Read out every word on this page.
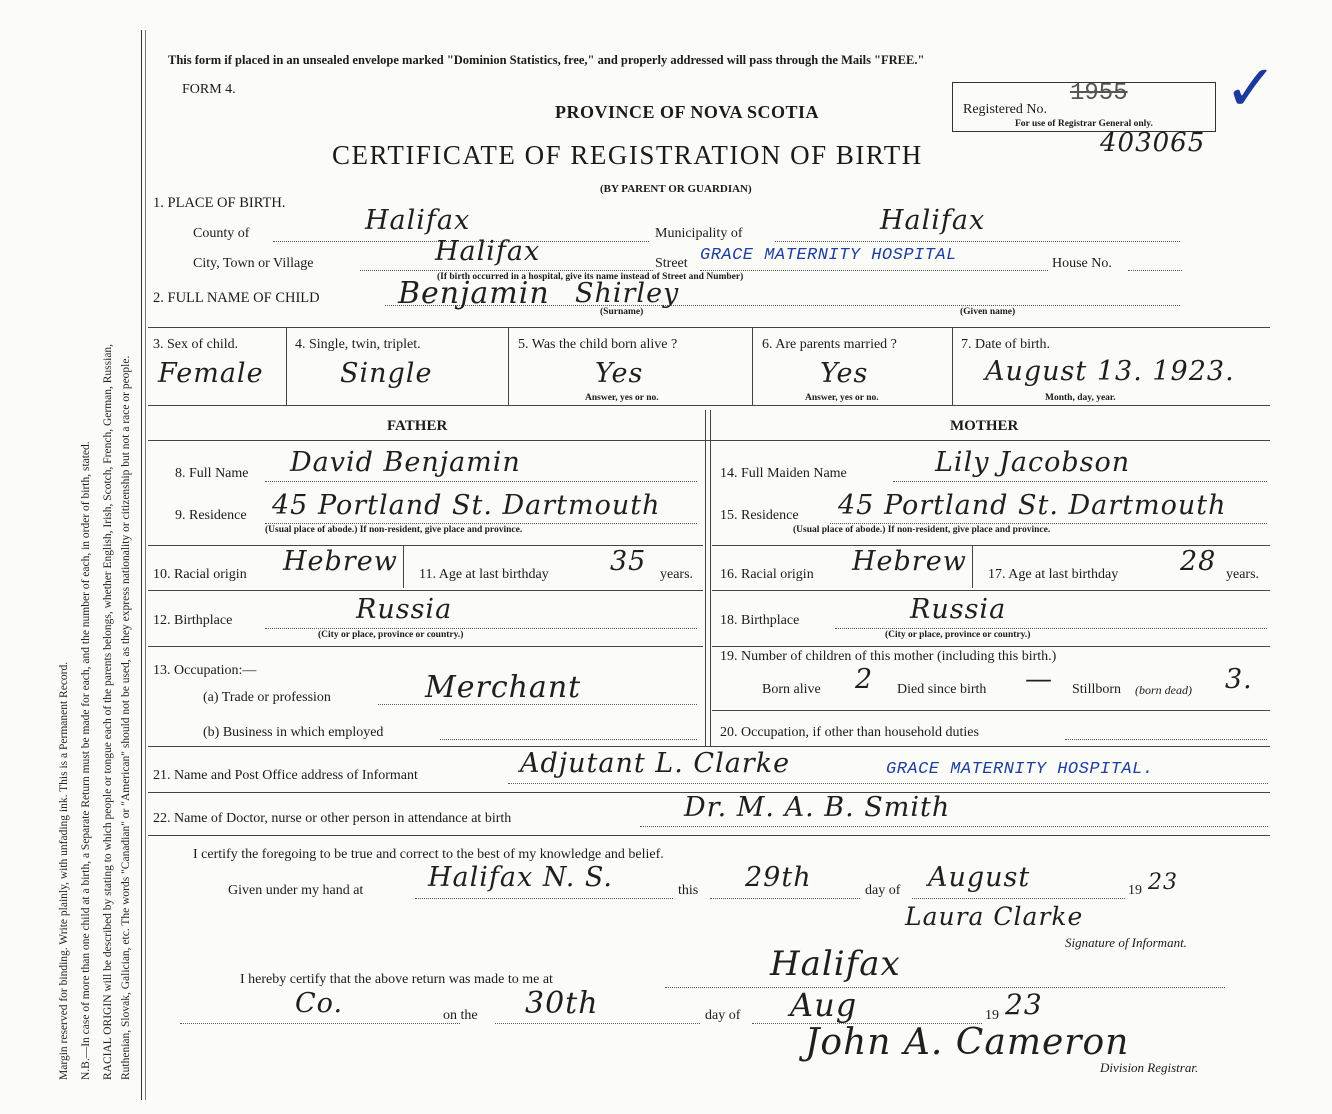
Margin reserved for binding. Write plainly, with unfading ink. This is a Permanent Record. N.B.—In case of more than one child at a birth, a Separate Return must be made for each, and the number of each, in order of birth, stated. RACIAL ORIGIN will be described by stating to which people or tongue each of the parents belongs, whether English, Irish, Scotch, French, German, Russian, Ruthenian, Slovak, Galician, etc. The words "Canadian" or "American" should not be used, as they express nationality or citizenship but not a race or people.
This form if placed in an unsealed envelope marked "Dominion Statistics, free," and properly addressed will pass through the Mails "FREE."
FORM 4.
PROVINCE OF NOVA SCOTIA	Registered No.
1955
For use of Registrar General only. ✓
403065
CERTIFICATE OF REGISTRATION OF BIRTH
(BY PARENT OR GUARDIAN)
1. PLACE OF BIRTH.
County of	Halifax	Municipality of	Halifax
City, Town or Village	Halifax	Street GRACE MATERNITY HOSPITAL	House No.
(If birth occurred in a hospital, give its name instead of Street and Number)
2. FULL NAME OF CHILD	Benjamin Shirley
(Surname)	(Given name)
3. Sex of child.
Female
4. Single, twin, triplet.
Single
5. Was the child born alive ?
Yes
Answer, yes or no.
6. Are parents married ?
Yes
Answer, yes or no.
7. Date of birth.
August 13. 1923.
Month, day, year.
FATHER	MOTHER
8. Full Name David Benjamin
9. Residence 45 Portland St. Dartmouth
(Usual place of abode.) If non-resident, give place and province.
10. Racial origin Hebrew 11. Age at last birthday 35 years.
12. Birthplace	Russia
(City or place, province or country.)
13. Occupation:—
(a) Trade or profession	Merchant
(b) Business in which employed
14. Full Maiden Name	Lily Jacobson
15. Residence 45 Portland St. Dartmouth
(Usual place of abode.) If non-resident, give place and province.
16. Racial origin Hebrew 17. Age at last birthday 28 years.
18. Birthplace	Russia
(City or place, province or country.)
19. Number of children of this mother (including this birth.)
Born alive 2 Died since birth — Stillborn (born dead) 3.
20. Occupation, if other than household duties
21. Name and Post Office address of Informant	Adjutant L. Clarke	GRACE MATERNITY HOSPITAL.
22. Name of Doctor, nurse or other person in attendance at birth	Dr. M. A. B. Smith
I certify the foregoing to be true and correct to the best of my knowledge and belief.
Given under my hand at Halifax N. S.	this 29th	day of August	19 23
Laura Clarke
Signature of Informant.
I hereby certify that the above return was made to me at	Halifax
Co.	on the 30th	day of Aug	19 23
John A. Cameron
Division Registrar.
